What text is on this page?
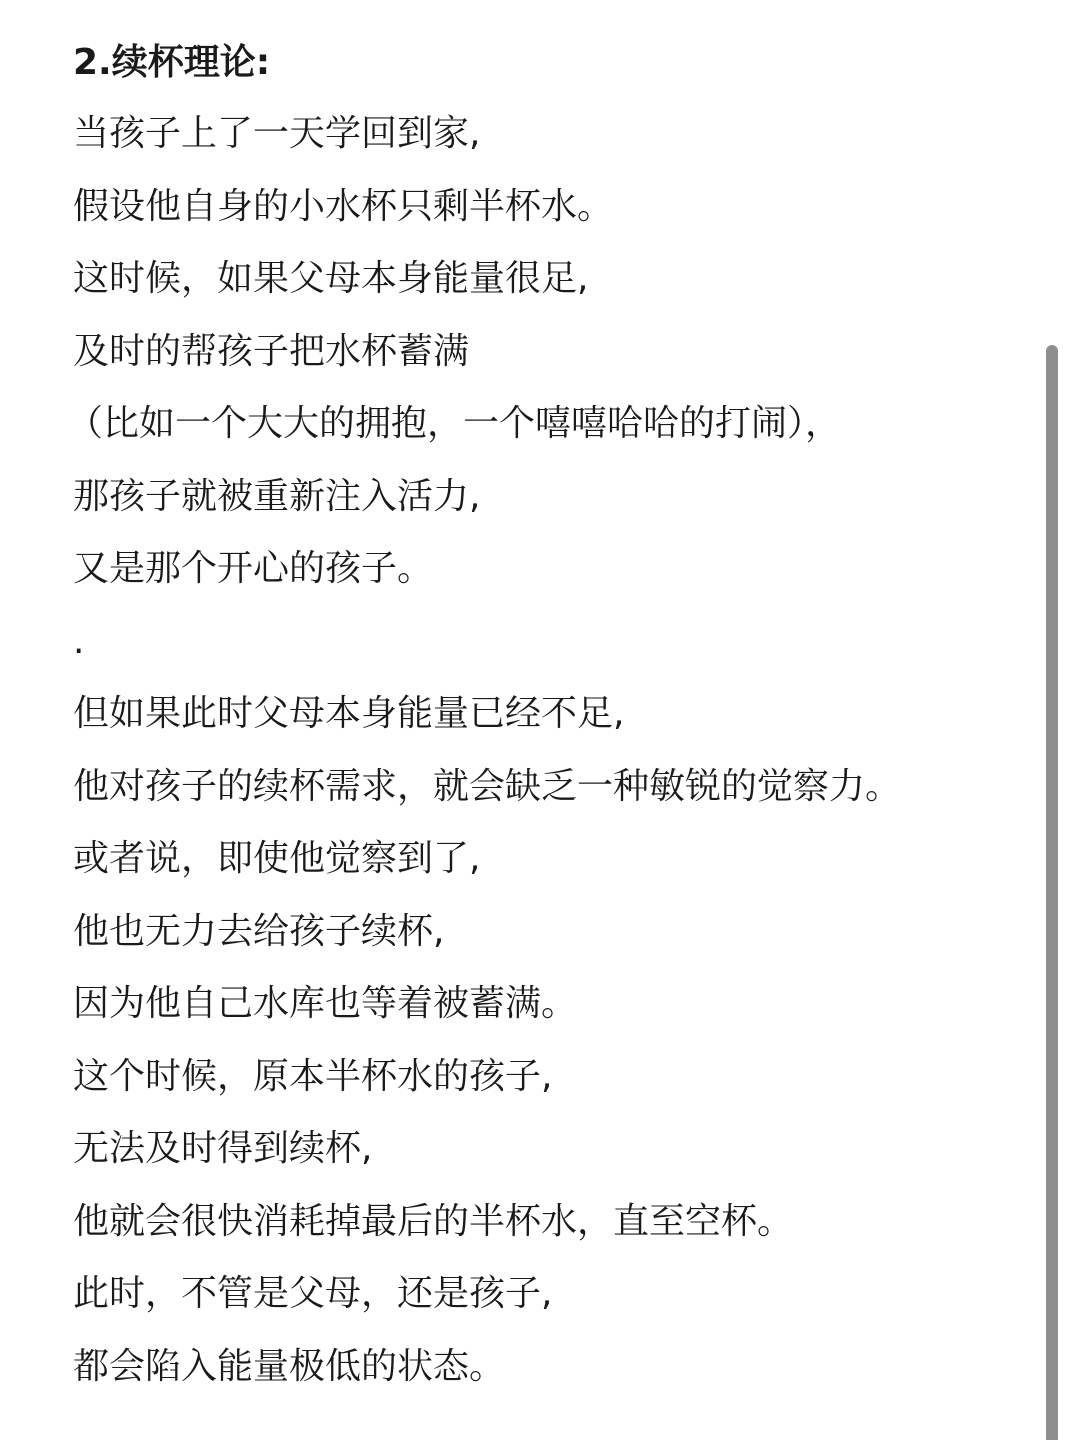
2.续杯理论:
当孩子上了一天学回到家,
假设他自身的小水杯只剩半杯水。
这时候，如果父母本身能量很足,
及时的帮孩子把水杯蓄满
（比如一个大大的拥抱，一个嘻嘻哈哈的打闹），
那孩子就被重新注入活力,
又是那个开心的孩子。
.
但如果此时父母本身能量已经不足,
他对孩子的续杯需求，就会缺乏一种敏锐的觉察力。
或者说，即使他觉察到了,
他也无力去给孩子续杯,
因为他自己水库也等着被蓄满。
这个时候，原本半杯水的孩子,
无法及时得到续杯,
他就会很快消耗掉最后的半杯水，直至空杯。
此时，不管是父母，还是孩子,
都会陷入能量极低的状态。
